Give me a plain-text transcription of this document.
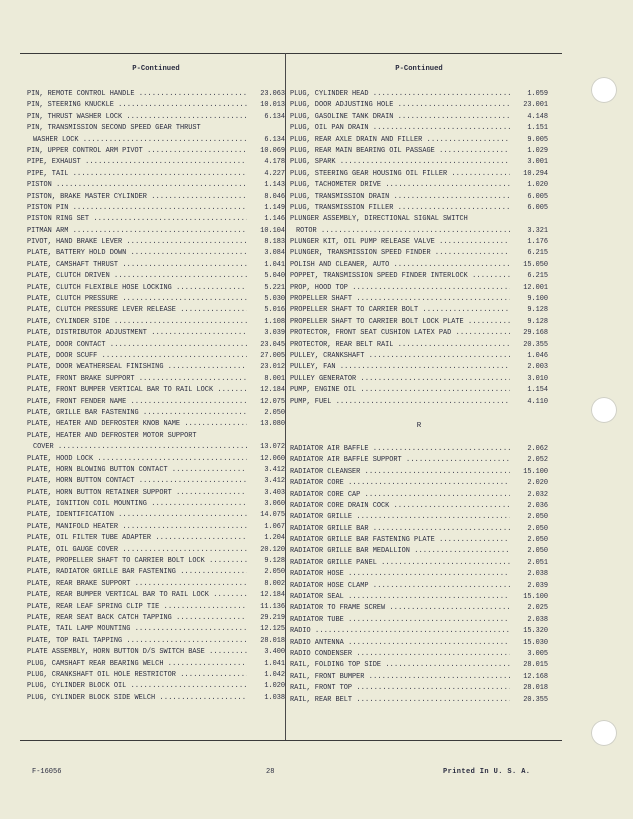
P-Continued
PIN, REMOTE CONTROL HANDLE .....	23.063
PIN, STEERING KNUCKLE .....	10.013
PIN, THRUST WASHER LOCK .....	6.134
PIN, TRANSMISSION SECOND SPEED GEAR THRUST
WASHER LOCK .....	6.134
PIN, UPPER CONTROL ARM PIVOT .....	10.069
PIPE, EXHAUST .....	4.178
PIPE, TAIL .....	4.227
PISTON .....	1.143
PISTON, BRAKE MASTER CYLINDER .....	8.046
PISTON PIN .....	1.149
PISTON RING SET .....	1.146
PITMAN ARM .....	10.104
PIVOT, HAND BRAKE LEVER .....	8.183
PLATE, BATTERY HOLD DOWN .....	3.084
PLATE, CAMSHAFT THRUST .....	1.041
PLATE, CLUTCH DRIVEN .....	5.040
PLATE, CLUTCH FLEXIBLE HOSE LOCKING .....	5.221
PLATE, CLUTCH PRESSURE .....	5.030
PLATE, CLUTCH PRESSURE LEVER RELEASE .....	5.016
PLATE, CYLINDER SIDE .....	1.108
PLATE, DISTRIBUTOR ADJUSTMENT .....	3.039
PLATE, DOOR CONTACT .....	23.045
PLATE, DOOR SCUFF .....	27.005
PLATE, DOOR WEATHERSEAL FINISHING .....	23.012
PLATE, FRONT BRAKE SUPPORT .....	8.001
PLATE, FRONT BUMPER VERTICAL BAR TO RAIL LOCK .....	12.184
PLATE, FRONT FENDER NAME .....	12.075
PLATE, GRILLE BAR FASTENING .....	2.050
PLATE, HEATER AND DEFROSTER KNOB NAME .....	13.080
PLATE, HEATER AND DEFROSTER MOTOR SUPPORT
COVER .....	13.072
PLATE, HOOD LOCK .....	12.060
PLATE, HORN BLOWING BUTTON CONTACT .....	3.412
PLATE, HORN BUTTON CONTACT .....	3.412
PLATE, HORN BUTTON RETAINER SUPPORT .....	3.403
PLATE, IGNITION COIL MOUNTING .....	3.060
PLATE, IDENTIFICATION .....	14.075
PLATE, MANIFOLD HEATER .....	1.067
PLATE, OIL FILTER TUBE ADAPTER .....	1.204
PLATE, OIL GAUGE COVER .....	20.120
PLATE, PROPELLER SHAFT TO CARRIER BOLT LOCK .....	9.128
PLATE, RADIATOR GRILLE BAR FASTENING .....	2.050
PLATE, REAR BRAKE SUPPORT .....	8.002
PLATE, REAR BUMPER VERTICAL BAR TO RAIL LOCK .....	12.184
PLATE, REAR LEAF SPRING CLIP TIE .....	11.136
PLATE, REAR SEAT BACK CATCH TAPPING .....	29.219
PLATE, TAIL LAMP MOUNTING .....	12.125
PLATE, TOP RAIL TAPPING .....	28.018
PLATE ASSEMBLY, HORN BUTTON D/S SWITCH BASE .....	3.400
PLUG, CAMSHAFT REAR BEARING WELCH .....	1.041
PLUG, CRANKSHAFT OIL HOLE RESTRICTOR .....	1.042
PLUG, CYLINDER BLOCK OIL .....	1.020
PLUG, CYLINDER BLOCK SIDE WELCH .....	1.038
P-Continued
PLUG, CYLINDER HEAD .....	1.059
PLUG, DOOR ADJUSTING HOLE .....	23.001
PLUG, GASOLINE TANK DRAIN .....	4.148
PLUG, OIL PAN DRAIN .....	1.151
PLUG, REAR AXLE DRAIN AND FILLER .....	9.005
PLUG, REAR MAIN BEARING OIL PASSAGE .....	1.029
PLUG, SPARK .....	3.001
PLUG, STEERING GEAR HOUSING OIL FILLER .....	10.294
PLUG, TACHOMETER DRIVE .....	1.020
PLUG, TRANSMISSION DRAIN .....	6.005
PLUG, TRANSMISSION FILLER .....	6.005
PLUNGER ASSEMBLY, DIRECTIONAL SIGNAL SWITCH
ROTOR .....	3.321
PLUNGER KIT, OIL PUMP RELEASE VALVE .....	1.176
PLUNGER, TRANSMISSION SPEED FINDER .....	6.215
POLISH AND CLEANER, AUTO .....	15.050
POPPET, TRANSMISSION SPEED FINDER INTERLOCK .....	6.215
PROP, HOOD TOP .....	12.001
PROPELLER SHAFT .....	9.100
PROPELLER SHAFT TO CARRIER BOLT .....	9.128
PROPELLER SHAFT TO CARRIER BOLT LOCK PLATE .....	9.128
PROTECTOR, FRONT SEAT CUSHION LATEX PAD .....	29.168
PROTECTOR, REAR BELT RAIL .....	20.355
PULLEY, CRANKSHAFT .....	1.046
PULLEY, FAN .....	2.003
PULLEY GENERATOR .....	3.010
PUMP, ENGINE OIL .....	1.154
PUMP, FUEL .....	4.110
R
RADIATOR AIR BAFFLE .....	2.062
RADIATOR AIR BAFFLE SUPPORT .....	2.052
RADIATOR CLEANSER .....	15.100
RADIATOR CORE .....	2.020
RADIATOR CORE CAP .....	2.032
RADIATOR CORE DRAIN COCK .....	2.036
RADIATOR GRILLE .....	2.050
RADIATOR GRILLE BAR .....	2.050
RADIATOR GRILLE BAR FASTENING PLATE .....	2.050
RADIATOR GRILLE BAR MEDALLION .....	2.050
RADIATOR GRILLE PANEL .....	2.051
RADIATOR HOSE .....	2.038
RADIATOR HOSE CLAMP .....	2.039
RADIATOR SEAL .....	15.100
RADIATOR TO FRAME SCREW .....	2.025
RADIATOR TUBE .....	2.038
RADIO .....	15.320
RADIO ANTENNA .....	15.030
RADIO CONDENSER .....	3.005
RAIL, FOLDING TOP SIDE .....	28.015
RAIL, FRONT BUMPER .....	12.168
RAIL, FRONT TOP .....	28.018
RAIL, REAR BELT .....	20.355
F-16056	28	Printed In U. S. A.
